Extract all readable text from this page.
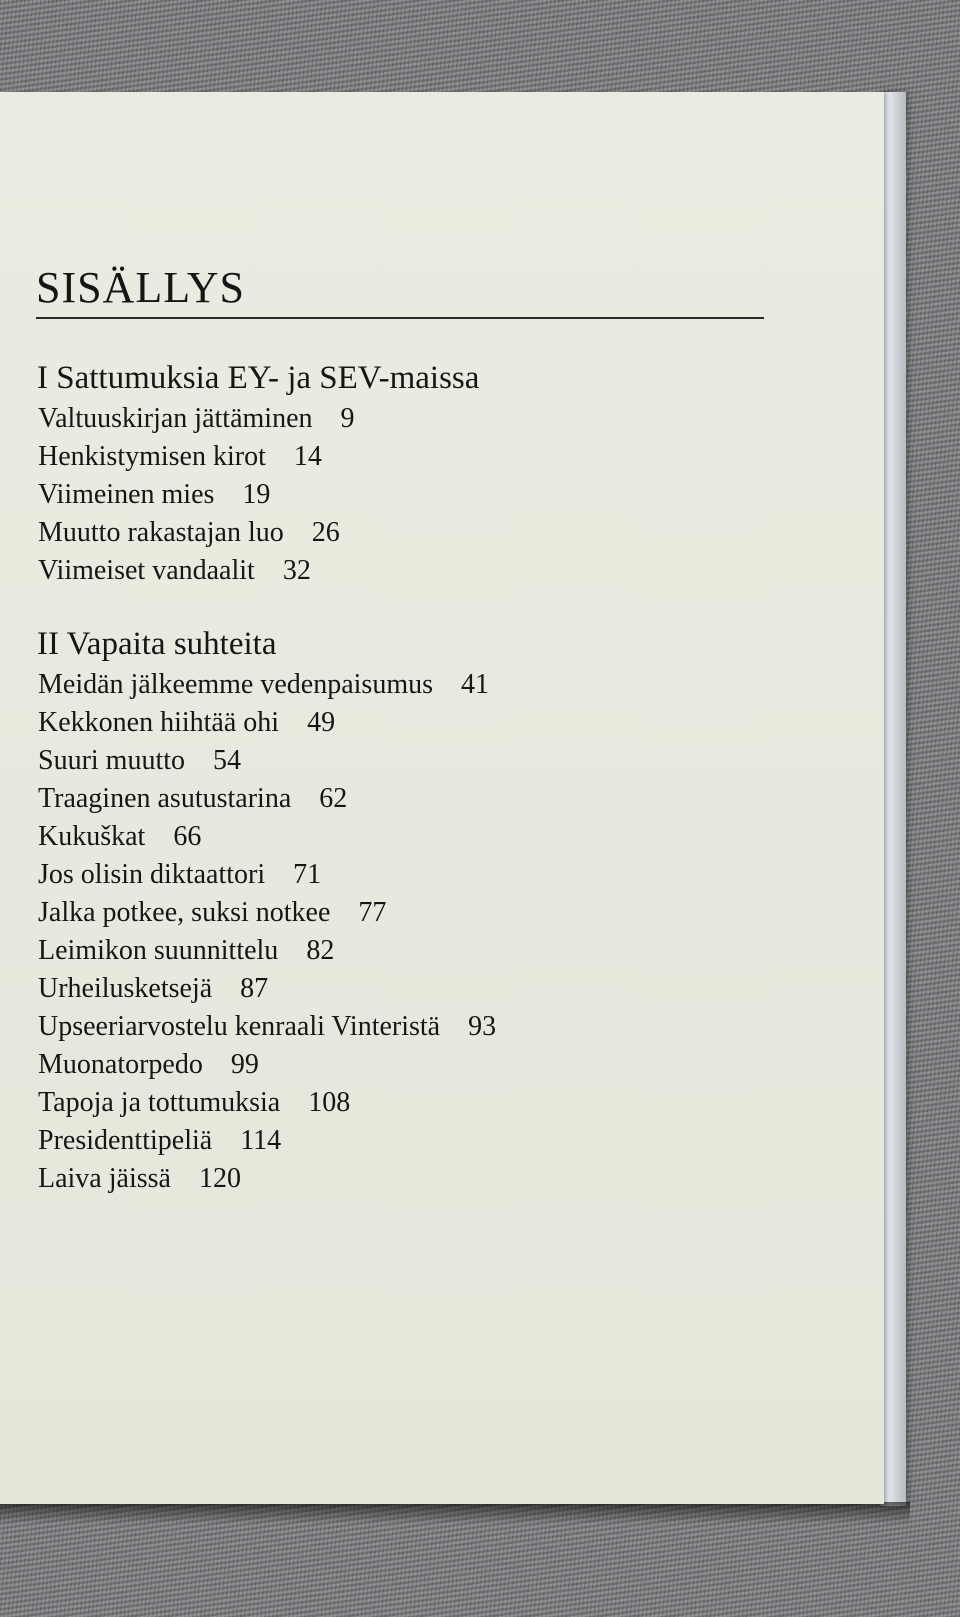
SISÄLLYS
I Sattumuksia EY- ja SEV-maissa
Valtuuskirjan jättäminen 9
Henkistymisen kirot 14
Viimeinen mies 19
Muutto rakastajan luo 26
Viimeiset vandaalit 32
II Vapaita suhteita
Meidän jälkeemme vedenpaisumus 41
Kekkonen hiihtää ohi 49
Suuri muutto 54
Traaginen asutustarina 62
Kukuškat 66
Jos olisin diktaattori 71
Jalka potkee, suksi notkee 77
Leimikon suunnittelu 82
Urheilusketsejä 87
Upseeriarvostelu kenraali Vinteristä 93
Muonatorpedo 99
Tapoja ja tottumuksia 108
Presidenttipeliä 114
Laiva jäissä 120
